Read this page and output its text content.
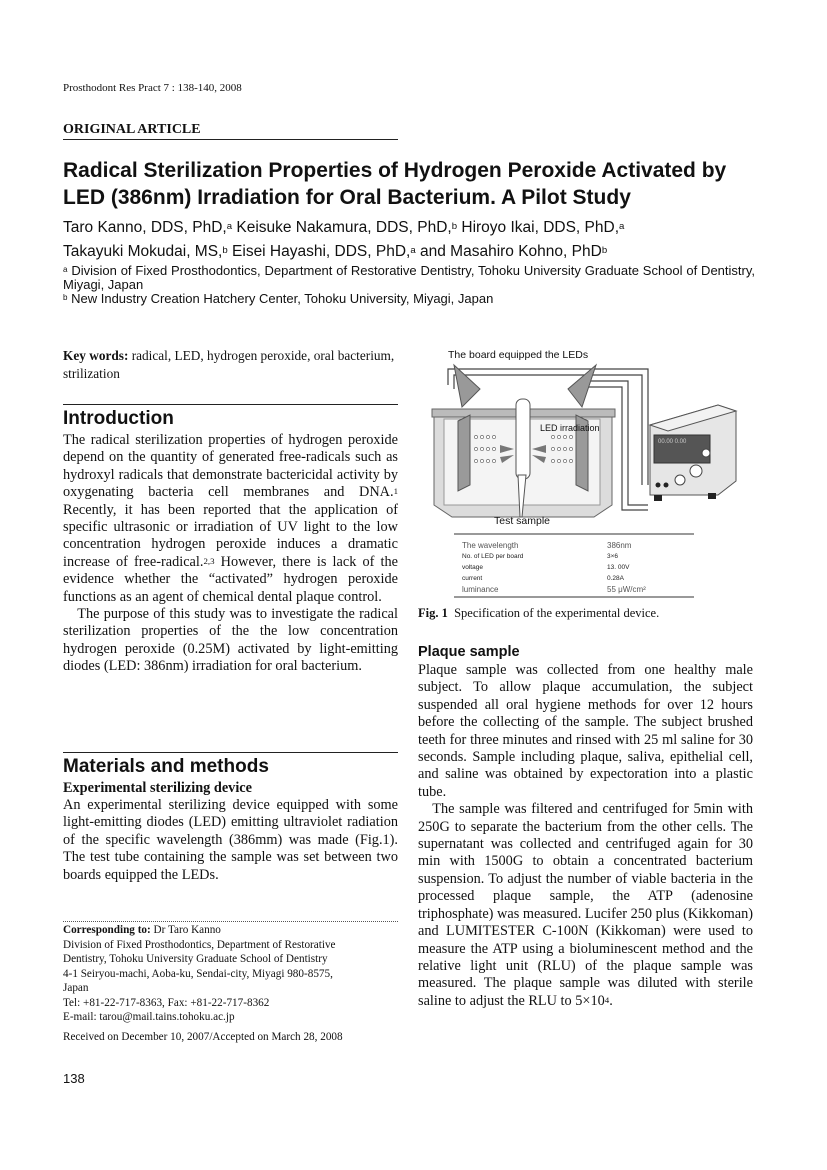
Prosthodont Res Pract 7 : 138-140, 2008
ORIGINAL ARTICLE
Radical Sterilization Properties of Hydrogen Peroxide Activated by LED (386nm) Irradiation for Oral Bacterium. A Pilot Study
Taro Kanno, DDS, PhD,$^a$ Keisuke Nakamura, DDS, PhD,$^b$ Hiroyo Ikai, DDS, PhD,$^a$
Takayuki Mokudai, MS,$^b$ Eisei Hayashi, DDS, PhD,$^a$ and Masahiro Kohno, PhD$^b$

$^a$ Division of Fixed Prosthodontics, Department of Restorative Dentistry, Tohoku University Graduate School of Dentistry, Miyagi, Japan

$^b$ New Industry Creation Hatchery Center, Tohoku University, Miyagi, Japan

Key words: radical, LED, hydrogen peroxide, oral bacterium, strilization
Introduction

The radical sterilization properties of hydrogen peroxide depend on the quantity of generated free-radicals such as hydroxyl radicals that demonstrate bactericidal activity by oxygenating bacteria cell membranes and DNA.$^1$ Recently, it has been reported that the application of specific ultrasonic or irradiation of UV light to the low concentration hydrogen peroxide induces a dramatic increase of free-radical.$^{2,3}$ However, there is lack of the evidence whether the “activated” hydrogen peroxide functions as an agent of chemical dental plaque control.

The purpose of this study was to investigate the radical sterilization properties of the the low concentration hydrogen peroxide (0.25M) activated by light-emitting diodes (LED: 386nm) irradiation for oral bacterium.

Materials and methods
Experimental sterilizing device

An experimental sterilizing device equipped with some light-emitting diodes (LED) emitting ultraviolet radiation of the specific wavelength (386mm) was made (Fig.1). The test tube containing the sample was set between two boards equipped the LEDs.

Corresponding to: Dr Taro Kanno

Division of Fixed Prosthodontics, Department of Restorative

Dentistry, Tohoku University Graduate School of Dentistry

4-1 Seiryou-machi, Aoba-ku, Sendai-city, Miyagi 980-8575,

Japan

Tel: +81-22-717-8363, Fax: +81-22-717-8362

E-mail: tarou@mail.tains.tohoku.ac.jp

Received on December 10, 2007/Accepted on March 28, 2008

The board equipped the LEDs
LED irradiation
Test sample
00.00 0.00
The wavelength	386nm
No. of LED per board	3×6
voltage	13. 00V
current	0.28A
luminance	55 μW/cm²
Fig. 1 Specification of the experimental device.
Plaque sample

Plaque sample was collected from one healthy male subject. To allow plaque accumulation, the subject suspended all oral hygiene methods for over 12 hours before the collecting of the sample. The subject brushed teeth for three minutes and rinsed with 25 ml saline for 30 seconds. Sample including plaque, saliva, epithelial cell, and saline was obtained by expectoration into a plastic tube.

The sample was filtered and centrifuged for 5min with 250G to separate the bacterium from the other cells. The supernatant was collected and centrifuged again for 30 min with 1500G to obtain a concentrated bacterium suspension. To adjust the number of viable bacteria in the processed plaque sample, the ATP (adenosine triphosphate) was measured. Lucifer 250 plus (Kikkoman) and LUMITESTER C-100N (Kikkoman) were used to measure the ATP using a bioluminescent method and the relative light unit (RLU) of the plaque sample was measured. The plaque sample was diluted with sterile saline to adjust the RLU to $5\times 10^4$.

138
